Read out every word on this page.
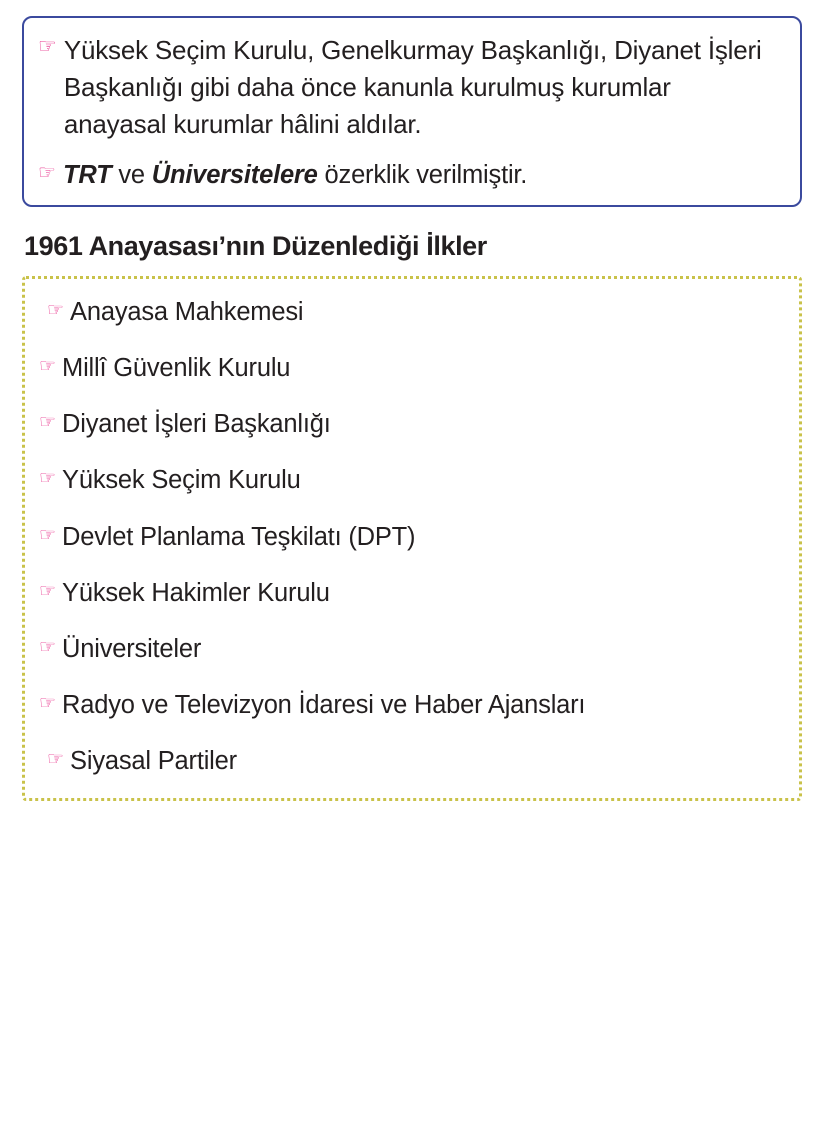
☞ Yüksek Seçim Kurulu, Genelkurmay Başkanlığı, Diyanet İşleri Başkanlığı gibi daha önce kanunla kurulmuş kurumlar anayasal kurumlar hâlini aldılar.
☞ TRT ve Üniversitelere özerklik verilmiştir.
1961 Anayasası’nın Düzenlediği İlkler
☞ Anayasa Mahkemesi
☞ Millî Güvenlik Kurulu
☞ Diyanet İşleri Başkanlığı
☞ Yüksek Seçim Kurulu
☞ Devlet Planlama Teşkilatı (DPT)
☞ Yüksek Hakimler Kurulu
☞ Üniversiteler
☞ Radyo ve Televizyon İdaresi ve Haber Ajansları
☞ Siyasal Partiler
